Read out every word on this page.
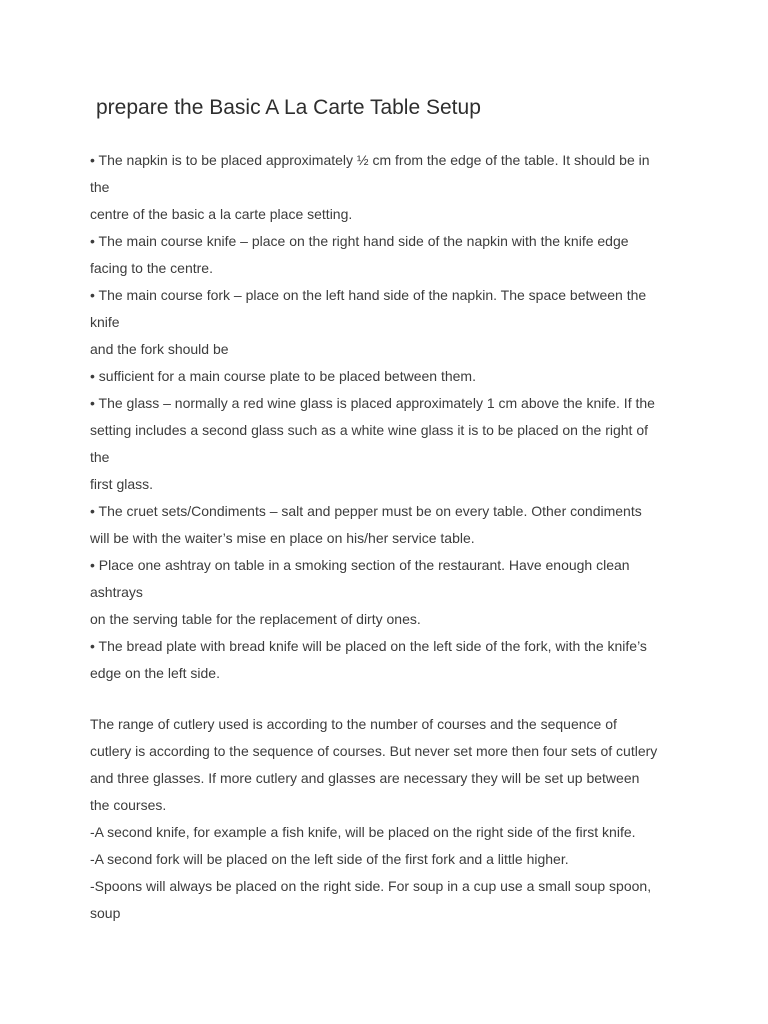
prepare the Basic A La Carte Table Setup
• The napkin is to be placed approximately ½ cm from the edge of the table. It should be in
the
centre of the basic a la carte place setting.
• The main course knife – place on the right hand side of the napkin with the knife edge
facing to the centre.
• The main course fork – place on the left hand side of the napkin. The space between the
knife
and the fork should be
• sufficient for a main course plate to be placed between them.
• The glass – normally a red wine glass is placed approximately 1 cm above the knife. If the
setting includes a second glass such as a white wine glass it is to be placed on the right of
the
first glass.
• The cruet sets/Condiments – salt and pepper must be on every table. Other condiments
will be with the waiter’s mise en place on his/her service table.
• Place one ashtray on table in a smoking section of the restaurant. Have enough clean
ashtrays
on the serving table for the replacement of dirty ones.
• The bread plate with bread knife will be placed on the left side of the fork, with the knife’s
edge on the left side.
The range of cutlery used is according to the number of courses and the sequence of
cutlery is according to the sequence of courses. But never set more then four sets of cutlery
and three glasses. If more cutlery and glasses are necessary they will be set up between
the courses.
-A second knife, for example a fish knife, will be placed on the right side of the first knife.
-A second fork will be placed on the left side of the first fork and a little higher.
-Spoons will always be placed on the right side. For soup in a cup use a small soup spoon,
soup
